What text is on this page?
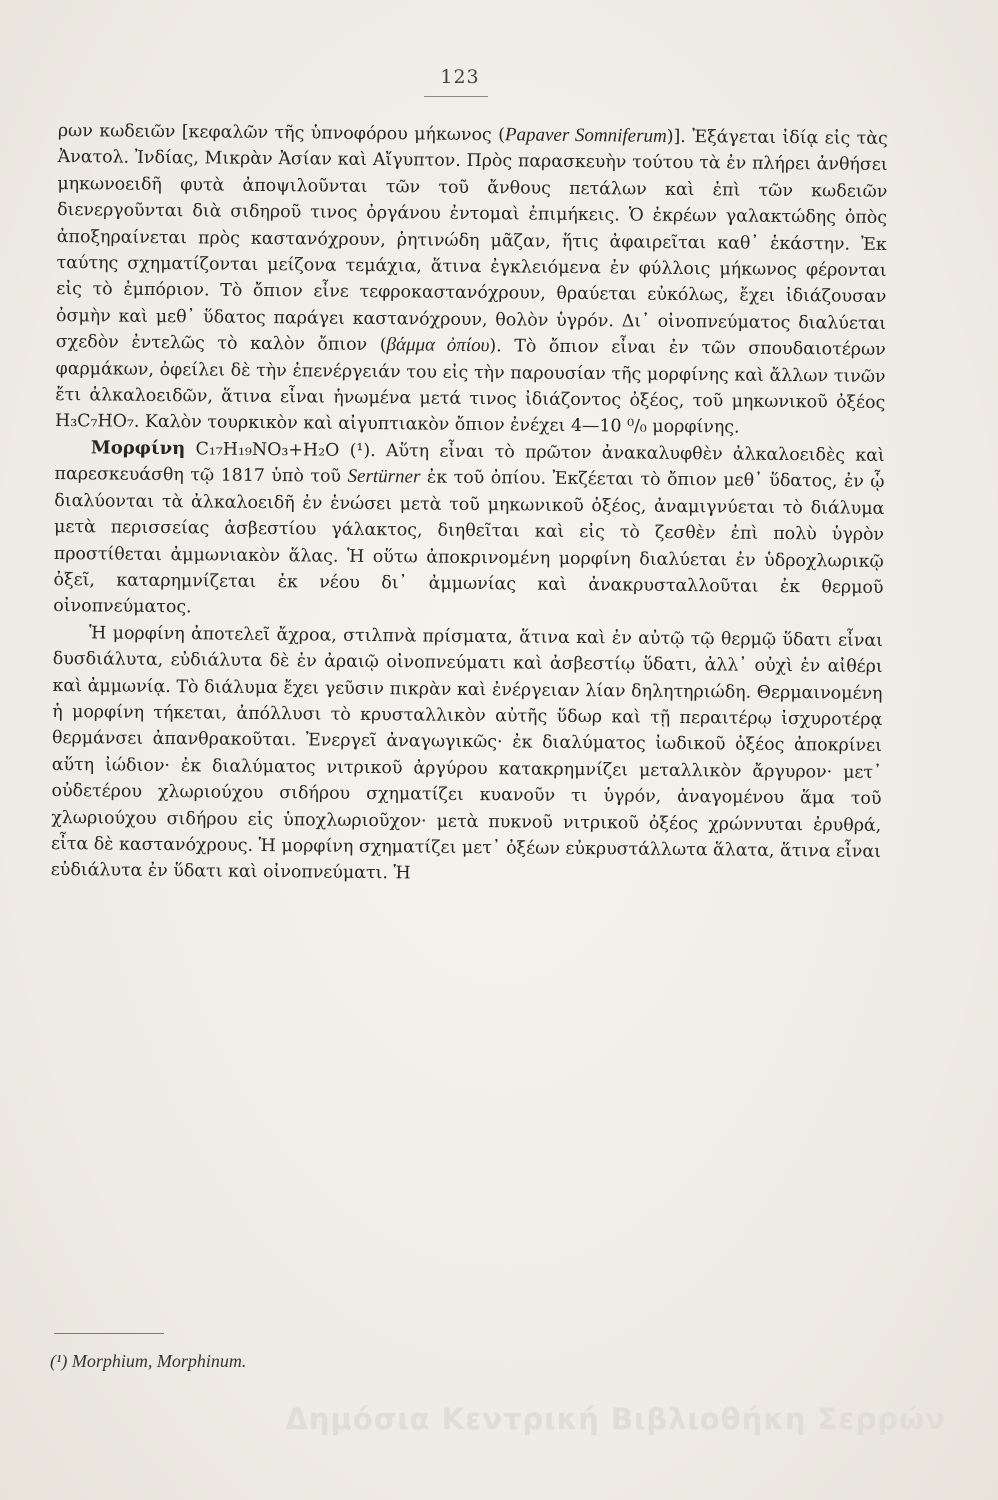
123

ρων κωδειῶν [κεφαλῶν τῆς ὑπνοφόρου μήκωνος (Papaver Somniferum)]. Ἐξάγεται ἰδίᾳ εἰς τὰς Ἀνατολ. Ἰνδίας, Μικρὰν Ἀσίαν καὶ Αἴγυπτον. Πρὸς παρασκευὴν τούτου τὰ ἐν πλήρει ἀνθήσει μηκωνοειδῆ φυτὰ ἀποψιλοῦνται τῶν τοῦ ἄνθους πετάλων καὶ ἐπὶ τῶν κωδειῶν διενεργοῦνται διὰ σιδηροῦ τινος ὀργάνου ἐντομαὶ ἐπιμήκεις. Ὁ ἐκρέων γαλακτώδης ὀπὸς ἀποξηραίνεται πρὸς καστανόχρουν, ῥητινώδη μᾶζαν, ἥτις ἀφαιρεῖται καθ᾽ ἑκάστην. Ἐκ ταύτης σχηματίζονται μείζονα τεμάχια, ἅτινα ἐγκλειόμενα ἐν φύλλοις μήκωνος φέρονται εἰς τὸ ἐμπόριον. Τὸ ὄπιον εἶνε τεφροκαστανόχρουν, θραύεται εὐκόλως, ἔχει ἰδιάζουσαν ὀσμὴν καὶ μεθ᾽ ὕδατος παράγει καστανόχρουν, θολὸν ὑγρόν. Δι᾽ οἰνοπνεύματος διαλύεται σχεδὸν ἐντελῶς τὸ καλὸν ὄπιον (βάμμα ὀπίου). Τὸ ὄπιον εἶναι ἐν τῶν σπουδαιοτέρων φαρμάκων, ὀφείλει δὲ τὴν ἐπενέργειάν του εἰς τὴν παρουσίαν τῆς μορφίνης καὶ ἄλλων τινῶν ἔτι ἀλκαλοειδῶν, ἅτινα εἶναι ἡνωμένα μετά τινος ἰδιάζοντος ὀξέος, τοῦ μηκωνικοῦ ὀξέος H₃C₇HO₇. Καλὸν τουρκικὸν καὶ αἰγυπτιακὸν ὄπιον ἐνέχει 4—10 ⁰/₀ μορφίνης.

Μορφίνη C₁₇H₁₉NO₃+H₂O (¹). Αὕτη εἶναι τὸ πρῶτον ἀνακαλυφθὲν ἀλκαλοειδὲς καὶ παρεσκευάσθη τῷ 1817 ὑπὸ τοῦ Sertürner ἐκ τοῦ ὀπίου. Ἐκζέεται τὸ ὄπιον μεθ᾽ ὕδατος, ἐν ᾧ διαλύονται τὰ ἀλκαλοειδῆ ἐν ἑνώσει μετὰ τοῦ μηκωνικοῦ ὀξέος, ἀναμιγνύεται τὸ διάλυμα μετὰ περισσείας ἀσβεστίου γάλακτος, διηθεῖται καὶ εἰς τὸ ζεσθὲν ἐπὶ πολὺ ὑγρὸν προστίθεται ἀμμωνιακὸν ἅλας. Ἡ οὕτω ἀποκρινομένη μορφίνη διαλύεται ἐν ὑδροχλωρικῷ ὀξεῖ, καταρημνίζεται ἐκ νέου δι᾽ ἀμμωνίας καὶ ἀνακρυσταλλοῦται ἐκ θερμοῦ οἰνοπνεύματος.

Ἡ μορφίνη ἀποτελεῖ ἄχροα, στιλπνὰ πρίσματα, ἅτινα καὶ ἐν αὐτῷ τῷ θερμῷ ὕδατι εἶναι δυσδιάλυτα, εὐδιάλυτα δὲ ἐν ἀραιῷ οἰνοπνεύματι καὶ ἀσβεστίῳ ὕδατι, ἀλλ᾽ οὐχὶ ἐν αἰθέρι καὶ ἀμμωνίᾳ. Τὸ διάλυμα ἔχει γεῦσιν πικρὰν καὶ ἐνέργειαν λίαν δηλητηριώδη. Θερμαινομένη ἡ μορφίνη τήκεται, ἀπόλλυσι τὸ κρυσταλλικὸν αὐτῆς ὕδωρ καὶ τῇ περαιτέρῳ ἰσχυροτέρᾳ θερμάνσει ἀπανθρακοῦται. Ἐνεργεῖ ἀναγωγικῶς· ἐκ διαλύματος ἰωδικοῦ ὀξέος ἀποκρίνει αὕτη ἰώδιον· ἐκ διαλύματος νιτρικοῦ ἀργύρου κατακρημνίζει μεταλλικὸν ἄργυρον· μετ᾽ οὐδετέρου χλωριούχου σιδήρου σχηματίζει κυανοῦν τι ὑγρόν, ἀναγομένου ἅμα τοῦ χλωριούχου σιδήρου εἰς ὑποχλωριοῦχον· μετὰ πυκνοῦ νιτρικοῦ ὀξέος χρώννυται ἐρυθρά, εἶτα δὲ καστανόχρους. Ἡ μορφίνη σχηματίζει μετ᾽ ὀξέων εὐκρυστάλλωτα ἅλατα, ἅτινα εἶναι εὐδιάλυτα ἐν ὕδατι καὶ οἰνοπνεύματι. Ἡ

(¹) Morphium, Morphinum.
Δημόσια Κεντρική Βιβλιοθήκη Σερρών
